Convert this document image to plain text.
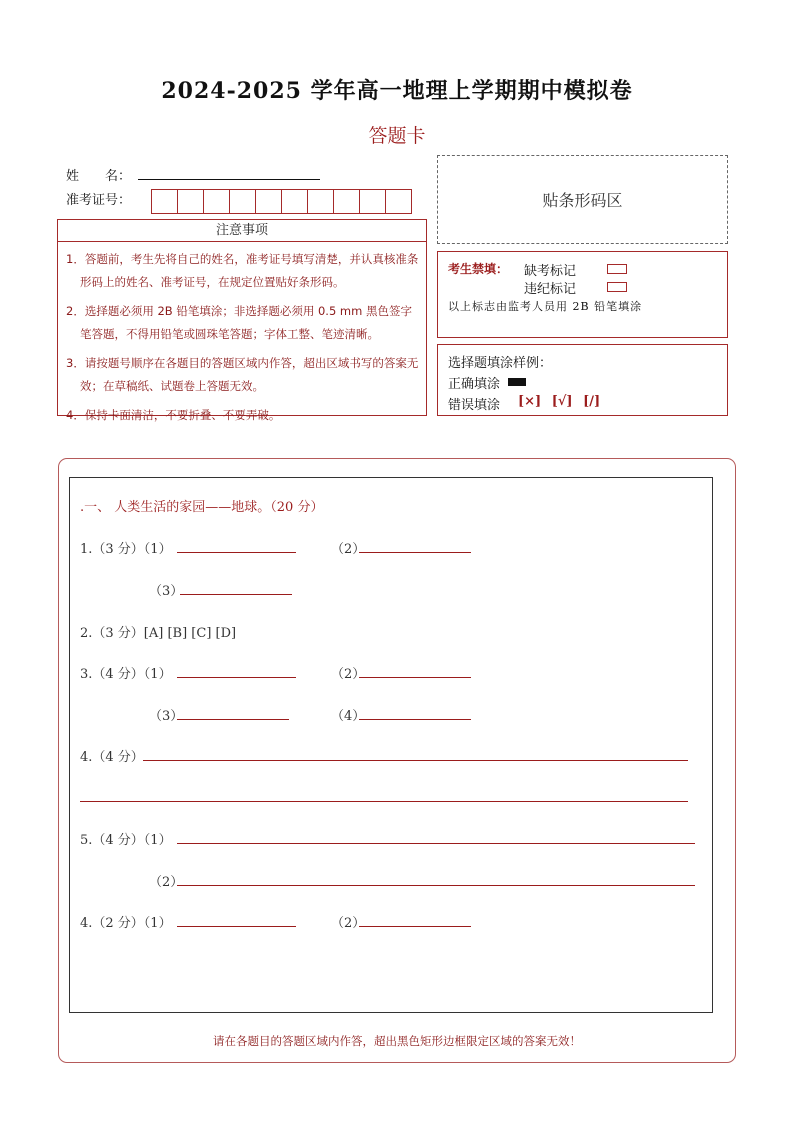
2024-2025 学年高一地理上学期期中模拟卷
答题卡
姓　　名：
准考证号：	贴条形码区
注意事项

1．答题前，考生先将自己的姓名，准考证号填写清楚，并认真核准条形码上的姓名、准考证号，在规定位置贴好条形码。

2．选择题必须用 2B 铅笔填涂；非选择题必须用 0.5 mm 黑色签字笔答题，不得用铅笔或圆珠笔答题；字体工整、笔迹清晰。

3．请按题号顺序在各题目的答题区域内作答，超出区域书写的答案无效；在草稿纸、试题卷上答题无效。

4．保持卡面清洁，不要折叠、不要弄破。

考生禁填： 缺考标记
违纪标记
以上标志由监考人员用 2B 铅笔填涂
选择题填涂样例：
正确填涂
错误填涂 [×] [√] [/]
.一、 人类生活的家园——地球。（20 分）
1.（3 分）（1）	（2）
（3）
2.（3 分）[A] [B] [C] [D]
3.（4 分）（1）	（2）
（3）	（4）
4.（4 分）
5.（4 分）（1）
（2）
4.（2 分）（1）	（2）
请在各题目的答题区域内作答，超出黑色矩形边框限定区域的答案无效！
